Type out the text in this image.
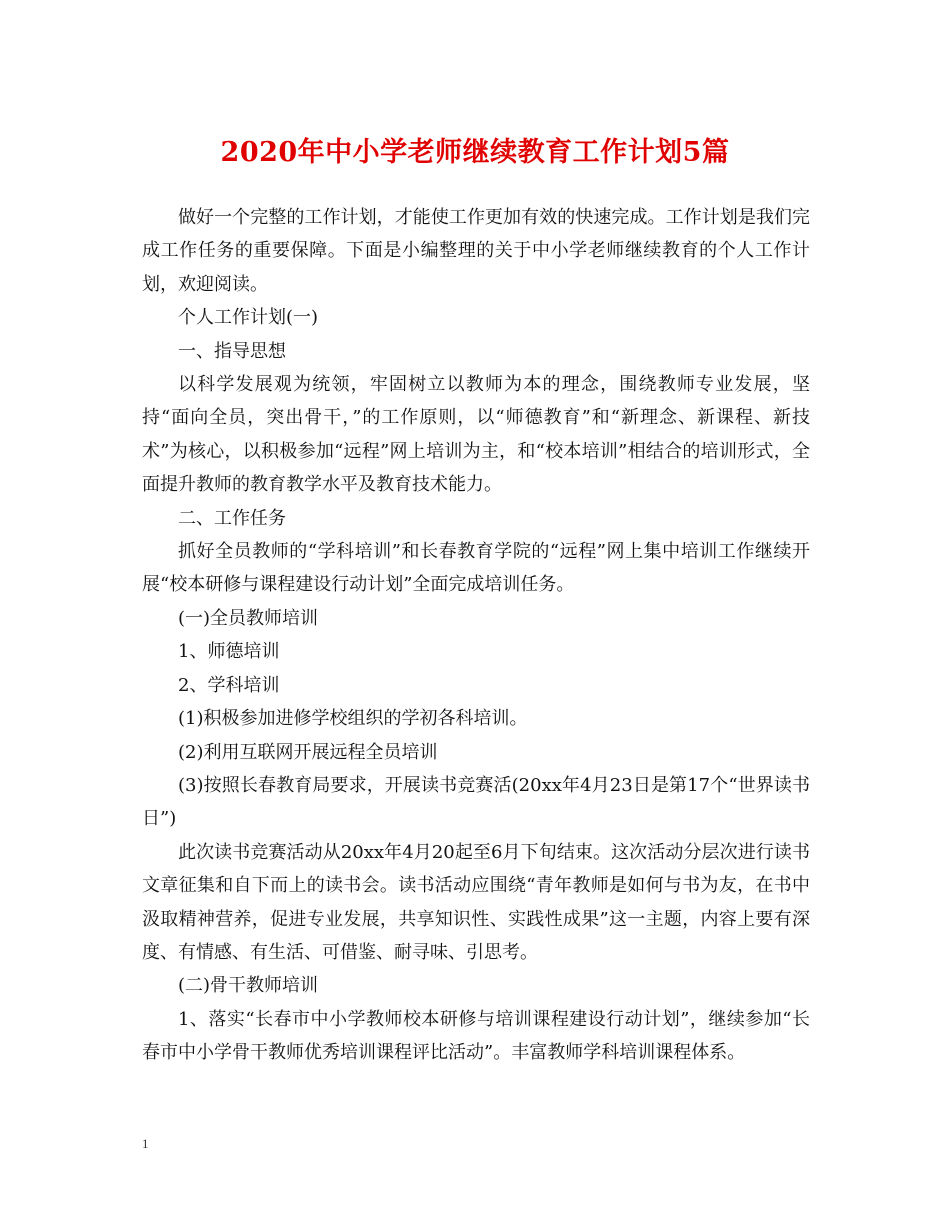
2020年中小学老师继续教育工作计划5篇

做好一个完整的工作计划，才能使工作更加有效的快速完成。工作计划是我们完成工作任务的重要保障。下面是小编整理的关于中小学老师继续教育的个人工作计划，欢迎阅读。

个人工作计划(一)

一、指导思想

以科学发展观为统领，牢固树立以教师为本的理念，围绕教师专业发展，坚持“面向全员，突出骨干，”的工作原则，以“师德教育”和“新理念、新课程、新技术”为核心，以积极参加“远程”网上培训为主，和“校本培训”相结合的培训形式，全面提升教师的教育教学水平及教育技术能力。

二、工作任务

抓好全员教师的“学科培训”和长春教育学院的“远程”网上集中培训工作继续开展“校本研修与课程建设行动计划”全面完成培训任务。

(一)全员教师培训

1、师德培训

2、学科培训

(1)积极参加进修学校组织的学初各科培训。

(2)利用互联网开展远程全员培训

(3)按照长春教育局要求，开展读书竞赛活(20xx年4月23日是第17个“世界读书日”)

此次读书竞赛活动从20xx年4月20起至6月下旬结束。这次活动分层次进行读书文章征集和自下而上的读书会。读书活动应围绕“青年教师是如何与书为友，在书中汲取精神营养，促进专业发展，共享知识性、实践性成果”这一主题，内容上要有深度、有情感、有生活、可借鉴、耐寻味、引思考。

(二)骨干教师培训

1、落实“长春市中小学教师校本研修与培训课程建设行动计划”，继续参加“长春市中小学骨干教师优秀培训课程评比活动”。丰富教师学科培训课程体系。

1
